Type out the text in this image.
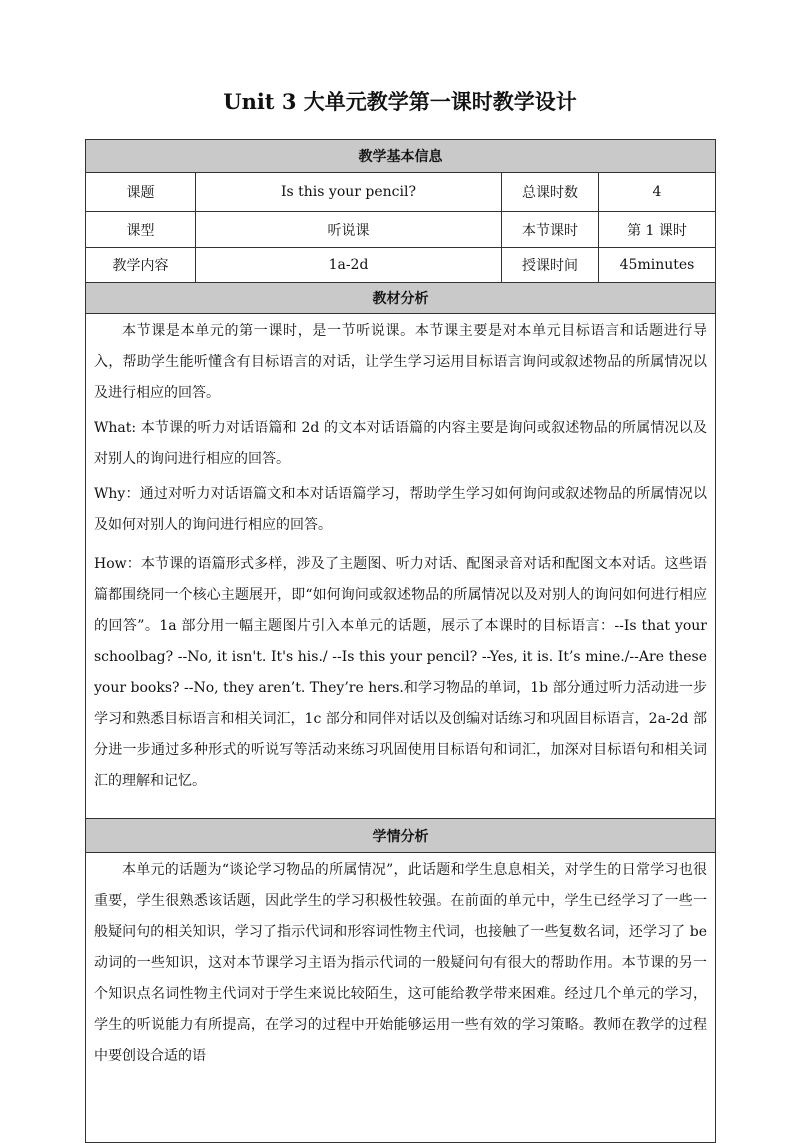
Unit 3 大单元教学第一课时教学设计
教学基本信息			
课题	Is this your pencil?	总课时数	4
课型	听说课	本节课时	第 1 课时
教学内容	1a-2d	授课时间	45minutes
教材分析			

本节课是本单元的第一课时，是一节听说课。本节课主要是对本单元目标语言和话题进行导入，帮助学生能听懂含有目标语言的对话，让学生学习运用目标语言询问或叙述物品的所属情况以及进行相应的回答。

What: 本节课的听力对话语篇和 2d 的文本对话语篇的内容主要是询问或叙述物品的所属情况以及对别人的询问进行相应的回答。

Why：通过对听力对话语篇文和本对话语篇学习，帮助学生学习如何询问或叙述物品的所属情况以及如何对别人的询问进行相应的回答。

How：本节课的语篇形式多样，涉及了主题图、听力对话、配图录音对话和配图文本对话。这些语篇都围绕同一个核心主题展开，即“如何询问或叙述物品的所属情况以及对别人的询问如何进行相应的回答”。1a 部分用一幅主题图片引入本单元的话题，展示了本课时的目标语言：--Is that your schoolbag? --No, it isn't. It's his./ --Is this your pencil? --Yes, it is. It’s mine./--Are these your books? --No, they aren’t. They’re hers.和学习物品的单词，1b 部分通过听力活动进一步学习和熟悉目标语言和相关词汇，1c 部分和同伴对话以及创编对话练习和巩固目标语言，2a-2d 部分进一步通过多种形式的听说写等活动来练习巩固使用目标语句和词汇，加深对目标语句和相关词汇的理解和记忆。			

学情分析			

本单元的话题为“谈论学习物品的所属情况”，此话题和学生息息相关，对学生的日常学习也很重要，学生很熟悉该话题，因此学生的学习积极性较强。在前面的单元中，学生已经学习了一些一般疑问句的相关知识，学习了指示代词和形容词性物主代词，也接触了一些复数名词，还学习了 be 动词的一些知识，这对本节课学习主语为指示代词的一般疑问句有很大的帮助作用。本节课的另一个知识点名词性物主代词对于学生来说比较陌生，这可能给教学带来困难。经过几个单元的学习，学生的听说能力有所提高，在学习的过程中开始能够运用一些有效的学习策略。教师在教学的过程中要创设合适的语			
